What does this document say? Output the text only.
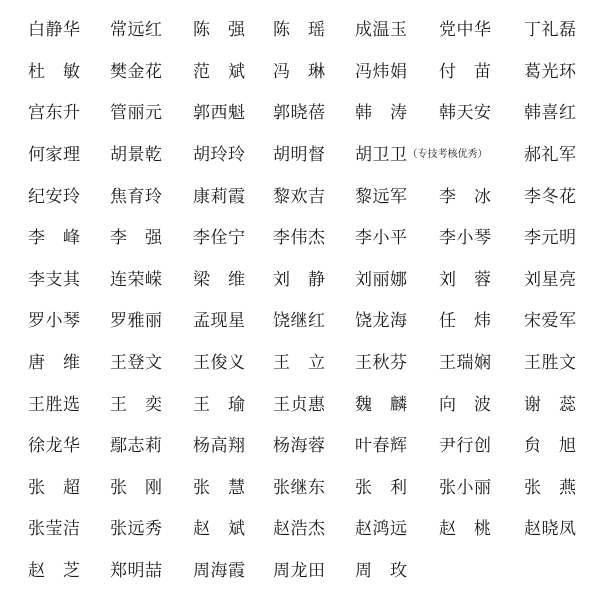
白静华	常远红	陈　强	陈　瑶	成温玉	党中华	丁礼磊
杜　敏	樊金花	范　斌	冯　琳	冯炜娟	付　苗	葛光环
宫东升	管丽元	郭西魁	郭晓蓓	韩　涛	韩天安	韩喜红
何家理	胡景乾	胡玲玲	胡明督	胡卫卫（专技考核优秀） 郝礼军
纪安玲	焦育玲	康莉霞	黎欢吉	黎远军	李　冰	李冬花
李　峰	李　强	李佺宁	李伟杰	李小平	李小琴	李元明
李支其	连荣嵘	梁　维	刘　静	刘丽娜	刘　蓉	刘星亮
罗小琴	罗雅丽	孟现星	饶继红	饶龙海	任　炜	宋爱军
唐　维	王登文	王俊义	王　立	王秋芬	王瑞娴	王胜文
王胜选	王　奕	王　瑜	王贞惠	魏　麟	向　波	谢　蕊
徐龙华	鄢志莉	杨高翔	杨海蓉	叶春辉	尹行创	贠　旭
张　超	张　刚	张　慧	张继东	张　利	张小丽	张　燕
张莹洁	张远秀	赵　斌	赵浩杰	赵鸿远	赵　桃	赵晓凤
赵　芝	郑明喆	周海霞	周龙田	周　玫
